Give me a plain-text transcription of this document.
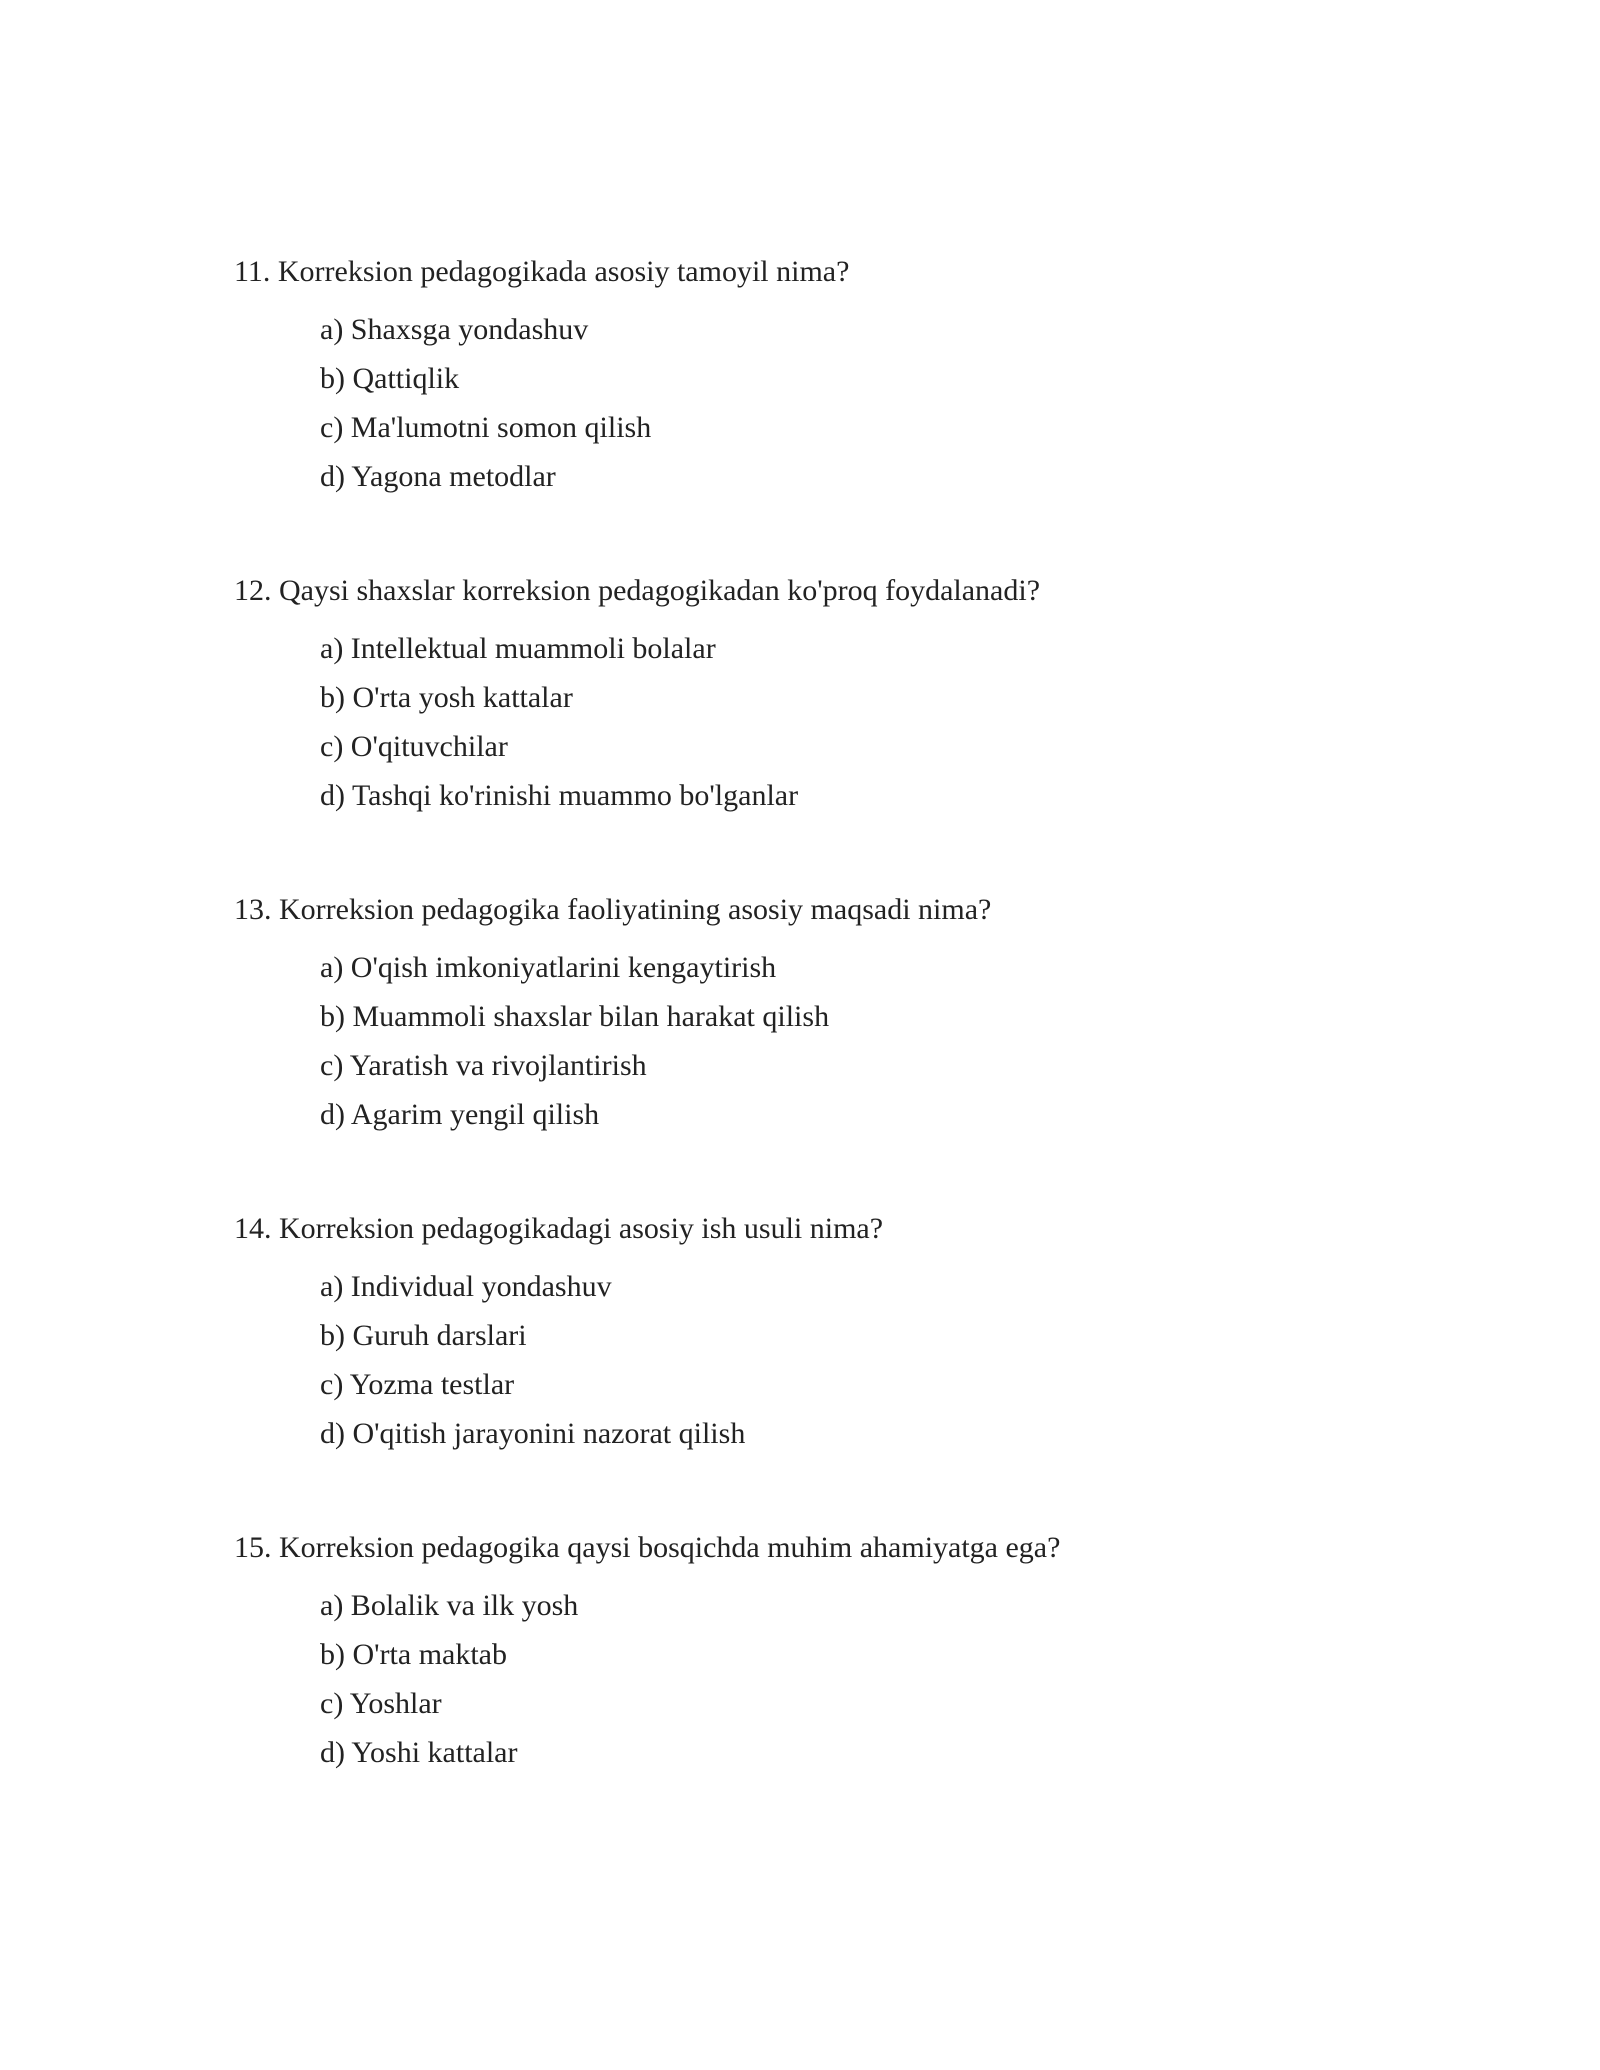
11. Korreksion pedagogikada asosiy tamoyil nima?

a) Shaxsga yondashuv
b) Qattiqlik
c) Ma'lumotni somon qilish
d) Yagona metodlar

12. Qaysi shaxslar korreksion pedagogikadan ko'proq foydalanadi?

a) Intellektual muammoli bolalar
b) O'rta yosh kattalar
c) O'qituvchilar
d) Tashqi ko'rinishi muammo bo'lganlar

13. Korreksion pedagogika faoliyatining asosiy maqsadi nima?

a) O'qish imkoniyatlarini kengaytirish
b) Muammoli shaxslar bilan harakat qilish
c) Yaratish va rivojlantirish
d) Agarim yengil qilish

14. Korreksion pedagogikadagi asosiy ish usuli nima?

a) Individual yondashuv
b) Guruh darslari
c) Yozma testlar
d) O'qitish jarayonini nazorat qilish

15. Korreksion pedagogika qaysi bosqichda muhim ahamiyatga ega?

a) Bolalik va ilk yosh
b) O'rta maktab
c) Yoshlar
d) Yoshi kattalar
